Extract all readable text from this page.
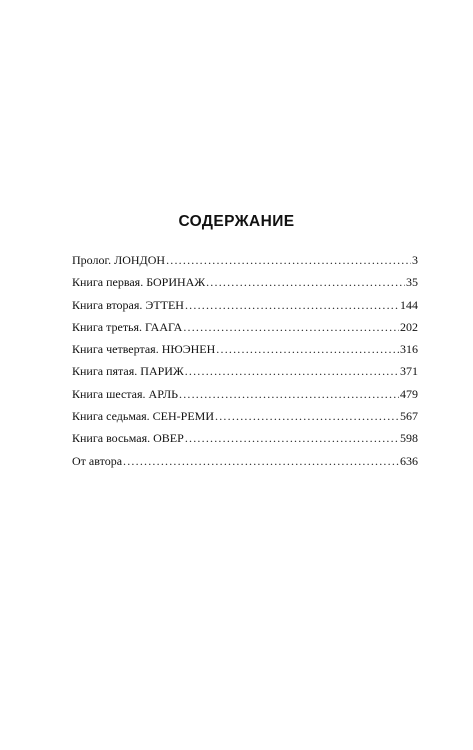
СОДЕРЖАНИЕ
Пролог. ЛОНДОН . . .	3
Книга первая. БОРИНАЖ . . .	35
Книга вторая. ЭТТЕН . . .	144
Книга третья. ГААГА . . .	202
Книга четвертая. НЮЭНЕН . . .	316
Книга пятая. ПАРИЖ . . .	371
Книга шестая. АРЛЬ . . .	479
Книга седьмая. СЕН-РЕМИ . . .	567
Книга восьмая. ОВЕР . . .	598
От автора . . .	636
